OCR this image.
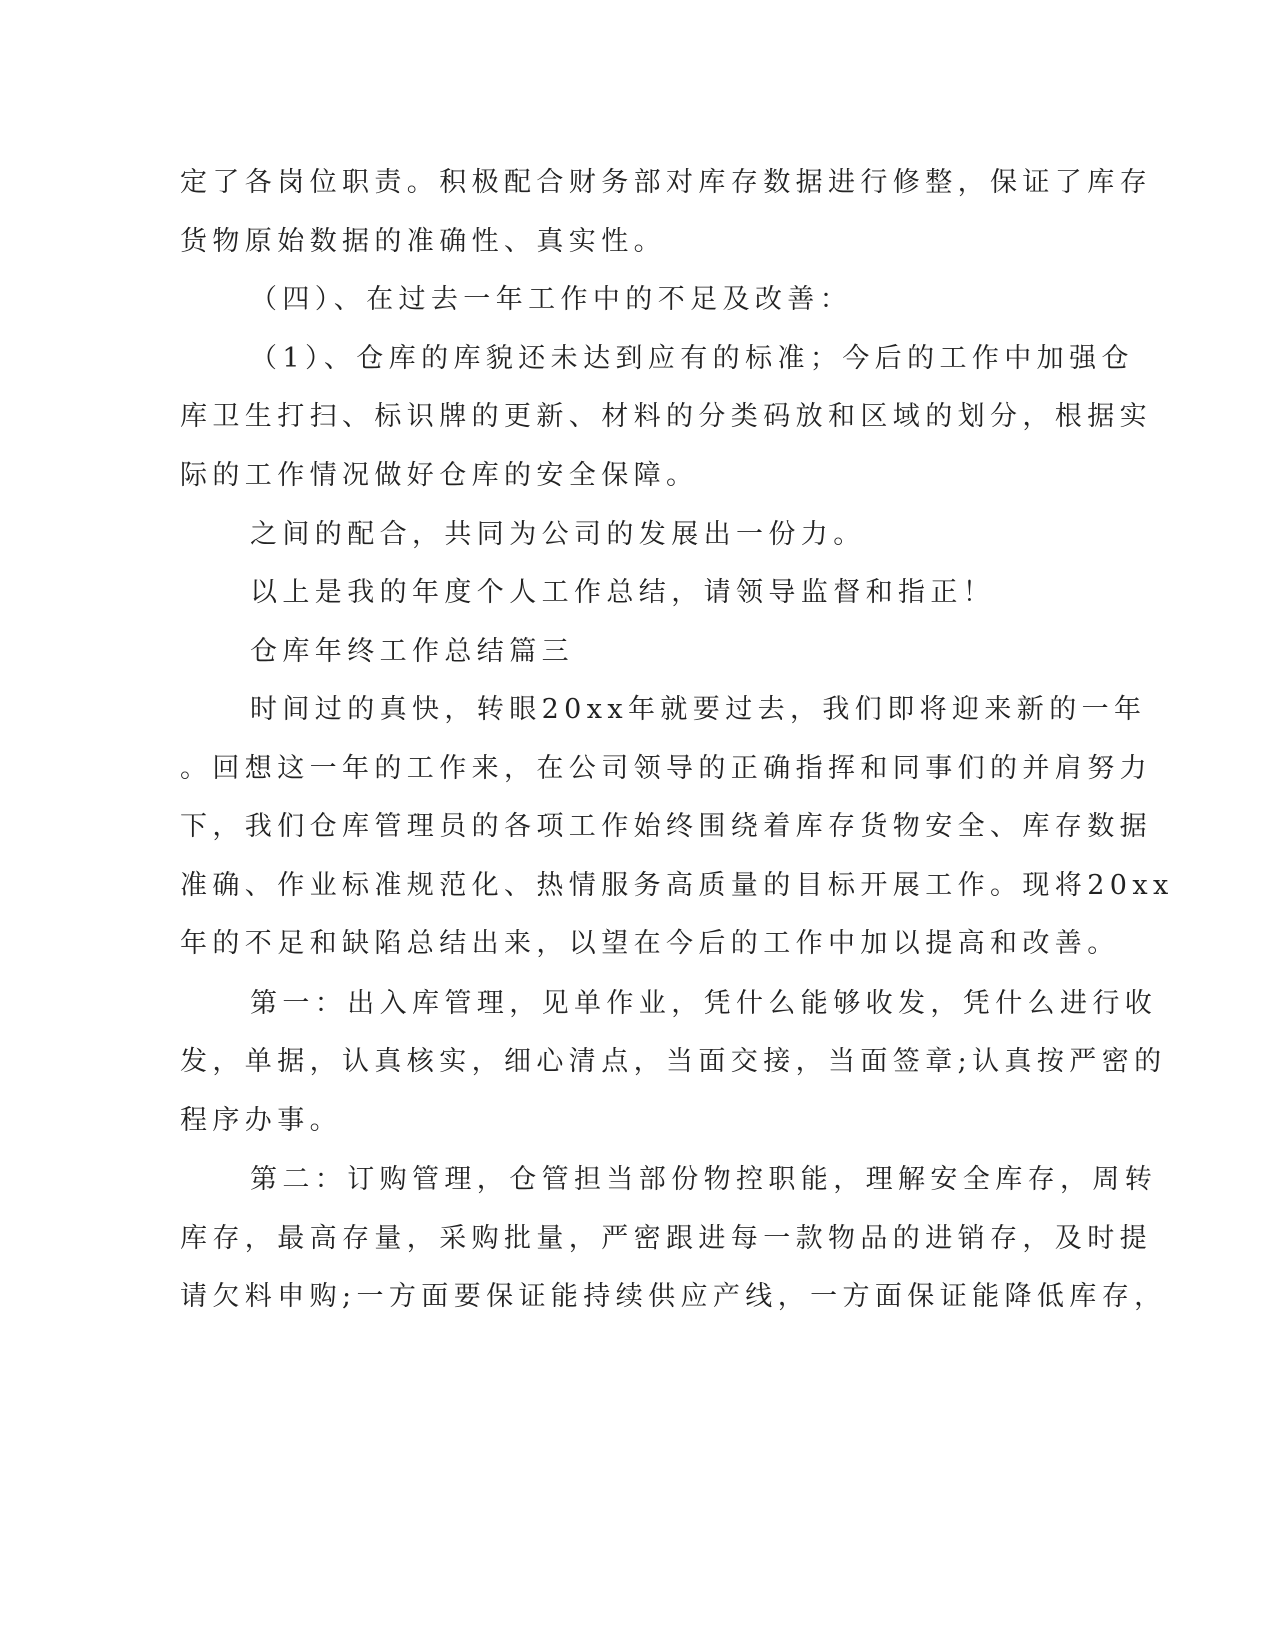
定了各岗位职责。积极配合财务部对库存数据进行修整，保证了库存

货物原始数据的准确性、真实性。

（四）、在过去一年工作中的不足及改善：

（1）、仓库的库貌还未达到应有的标准；今后的工作中加强仓

库卫生打扫、标识牌的更新、材料的分类码放和区域的划分，根据实

际的工作情况做好仓库的安全保障。

之间的配合，共同为公司的发展出一份力。

以上是我的年度个人工作总结，请领导监督和指正！

仓库年终工作总结篇三

时间过的真快，转眼20xx年就要过去，我们即将迎来新的一年

。回想这一年的工作来，在公司领导的正确指挥和同事们的并肩努力

下，我们仓库管理员的各项工作始终围绕着库存货物安全、库存数据

准确、作业标准规范化、热情服务高质量的目标开展工作。现将20xx

年的不足和缺陷总结出来，以望在今后的工作中加以提高和改善。

第一：出入库管理，见单作业，凭什么能够收发，凭什么进行收

发，单据，认真核实，细心清点，当面交接，当面签章;认真按严密的

程序办事。

第二：订购管理，仓管担当部份物控职能，理解安全库存，周转

库存，最高存量，采购批量，严密跟进每一款物品的进销存，及时提

请欠料申购;一方面要保证能持续供应产线，一方面保证能降低库存，
